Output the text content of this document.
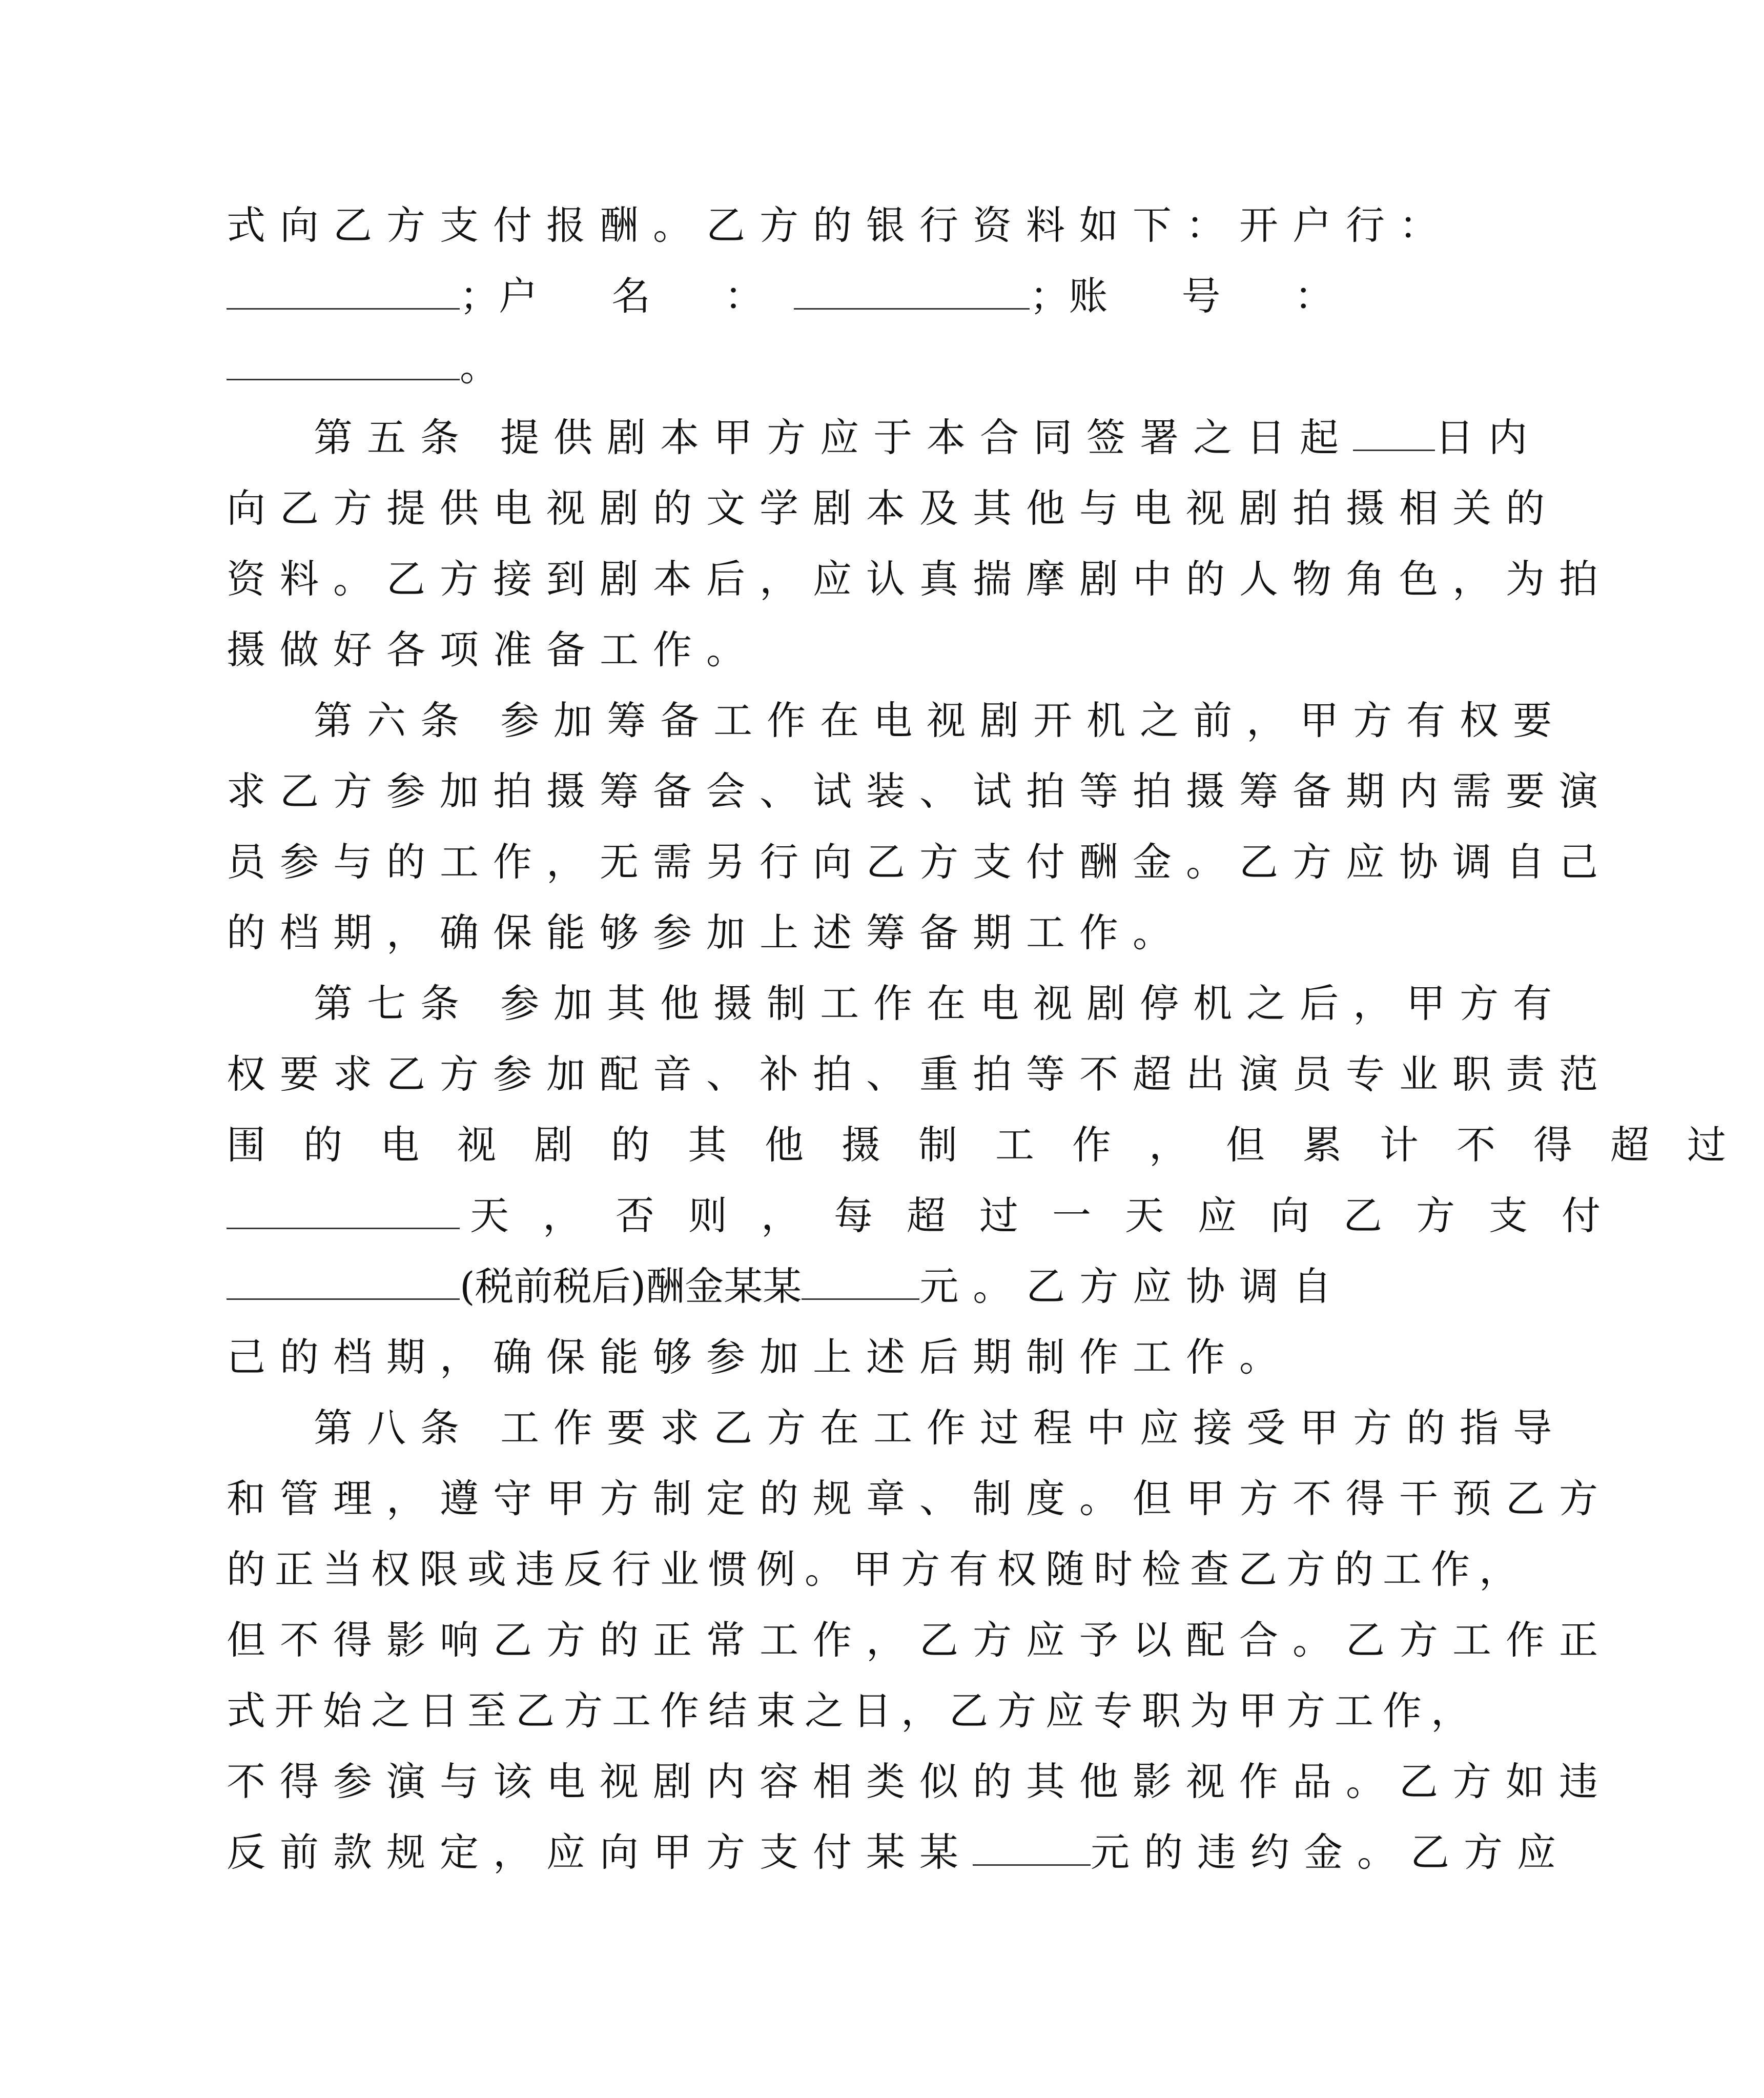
式向乙方支付报酬。乙方的银行资料如下：开户行：
； 户 名 ：	； 账 号 ：
。
第五条 提供剧本甲方应于本合同签署之日起 日内
向乙方提供电视剧的文学剧本及其他与电视剧拍摄相关的
资料。乙方接到剧本后，应认真揣摩剧中的人物角色，为拍
摄做好各项准备工作。
第六条 参加筹备工作在电视剧开机之前，甲方有权要
求乙方参加拍摄筹备会、试装、试拍等拍摄筹备期内需要演
员参与的工作，无需另行向乙方支付酬金。乙方应协调自己
的档期，确保能够参加上述筹备期工作。
第七条 参加其他摄制工作在电视剧停机之后，甲方有
权要求乙方参加配音、补拍、重拍等不超出演员专业职责范
围的电视剧的其他摄制工作，但累计不得超过
天，否则，每超过一天应向乙方支付
(税前税后)酬金某某	元。乙方应协调自
己的档期，确保能够参加上述后期制作工作。
第八条 工作要求乙方在工作过程中应接受甲方的指导
和管理，遵守甲方制定的规章、制度。但甲方不得干预乙方
的正当权限或违反行业惯例。甲方有权随时检查乙方的工作，
但不得影响乙方的正常工作，乙方应予以配合。乙方工作正
式开始之日至乙方工作结束之日，乙方应专职为甲方工作，
不得参演与该电视剧内容相类似的其他影视作品。乙方如违
反前款规定，应向甲方支付某某	元的违约金。乙方应
